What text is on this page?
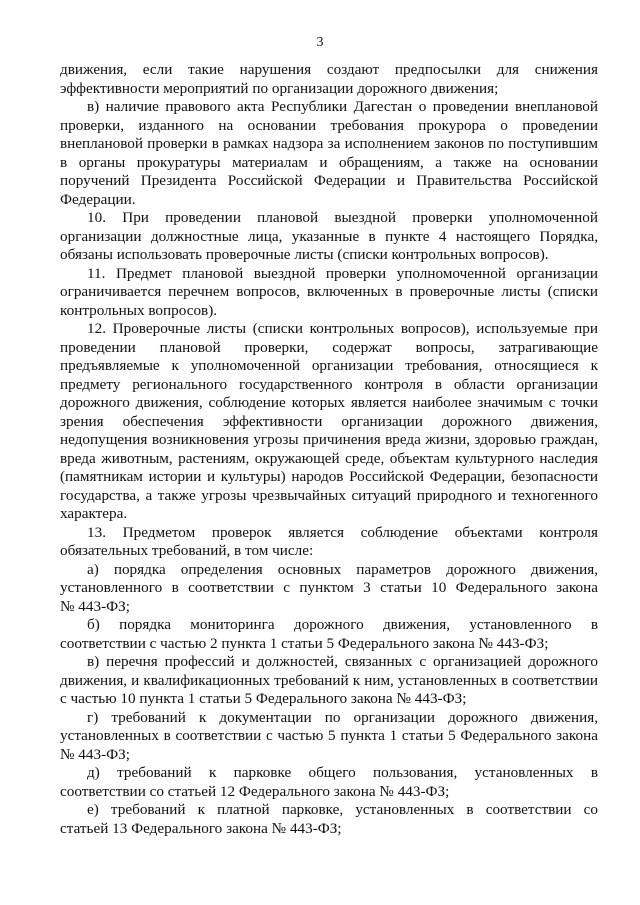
3

движения, если такие нарушения создают предпосылки для снижения

эффективности мероприятий по организации дорожного движения;

в) наличие правового акта Республики Дагестан о проведении внеплановой

проверки, изданного на основании требования прокурора о проведении

внеплановой проверки в рамках надзора за исполнением законов по поступившим

в органы прокуратуры материалам и обращениям, а также на основании

поручений Президента Российской Федерации и Правительства Российской

Федерации.

10. При проведении плановой выездной проверки уполномоченной

организации должностные лица, указанные в пункте 4 настоящего Порядка,

обязаны использовать проверочные листы (списки контрольных вопросов).

11. Предмет плановой выездной проверки уполномоченной организации

ограничивается перечнем вопросов, включенных в проверочные листы (списки

контрольных вопросов).

12. Проверочные листы (списки контрольных вопросов), используемые при

проведении плановой проверки, содержат вопросы, затрагивающие

предъявляемые к уполномоченной организации требования, относящиеся к

предмету регионального государственного контроля в области организации

дорожного движения, соблюдение которых является наиболее значимым с точки

зрения обеспечения эффективности организации дорожного движения,

недопущения возникновения угрозы причинения вреда жизни, здоровью граждан,

вреда животным, растениям, окружающей среде, объектам культурного наследия

(памятникам истории и культуры) народов Российской Федерации, безопасности

государства, а также угрозы чрезвычайных ситуаций природного и техногенного

характера.

13. Предметом проверок является соблюдение объектами контроля

обязательных требований, в том числе:

а) порядка определения основных параметров дорожного движения,

установленного в соответствии с пунктом 3 статьи 10 Федерального закона

№ 443-ФЗ;

б) порядка мониторинга дорожного движения, установленного в

соответствии с частью 2 пункта 1 статьи 5 Федерального закона № 443-ФЗ;

в) перечня профессий и должностей, связанных с организацией дорожного

движения, и квалификационных требований к ним, установленных в соответствии

с частью 10 пункта 1 статьи 5 Федерального закона № 443-ФЗ;

г) требований к документации по организации дорожного движения,

установленных в соответствии с частью 5 пункта 1 статьи 5 Федерального закона

№ 443-ФЗ;

д) требований к парковке общего пользования, установленных в

соответствии со статьей 12 Федерального закона № 443-ФЗ;

е) требований к платной парковке, установленных в соответствии со

статьей 13 Федерального закона № 443-ФЗ;
